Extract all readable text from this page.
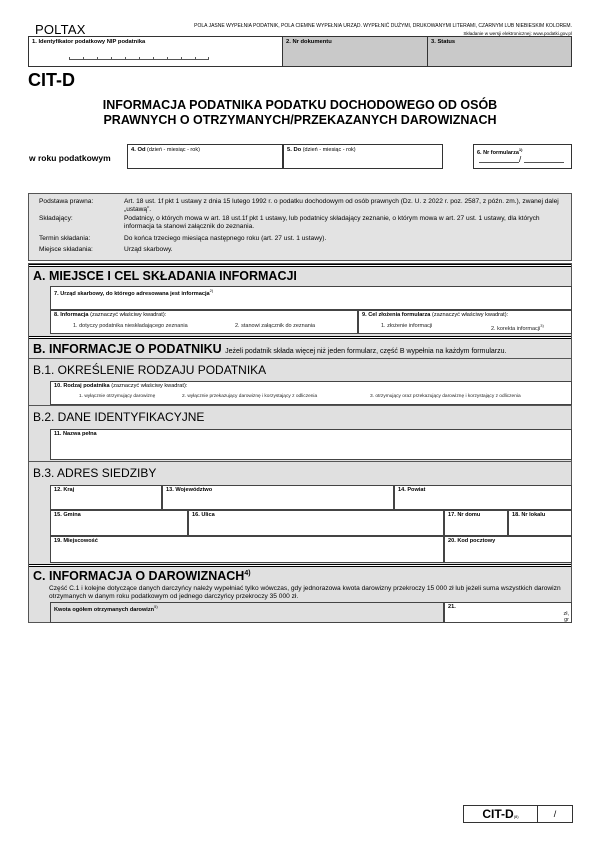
POLTAX	POLA JASNE WYPEŁNIA PODATNIK, POLA CIEMNE WYPEŁNIA URZĄD. WYPEŁNIĆ DUŻYMI, DRUKOWANYMI LITERAMI, CZARNYM LUB NIEBIESKIM KOLOREM.
Składanie w wersji elektronicznej: www.podatki.gov.pl
1. Identyfikator podatkowy NIP podatnika	2. Nr dokumentu	3. Status
CIT-D
INFORMACJA PODATNIKA PODATKU DOCHODOWEGO OD OSÓB
PRAWNYCH O OTRZYMANYCH/PRZEKAZANYCH DAROWIZNACH
w roku podatkowym
4. Od (dzień - miesiąc - rok)	5. Do (dzień - miesiąc - rok)	6. Nr formularza$^{1)}$
/
Podstawa prawna:	Art. 18 ust. 1f pkt 1 ustawy z dnia 15 lutego 1992 r. o podatku dochodowym od osób prawnych (Dz. U. z 2022 r. poz. 2587, z późn. zm.), zwanej dalej „ustawą”.
Składający:	Podatnicy, o których mowa w art. 18 ust.1f pkt 1 ustawy, lub podatnicy składający zeznanie, o którym mowa w art. 27 ust. 1 ustawy, dla których informacja ta stanowi załącznik do zeznania.
Termin składania:	Do końca trzeciego miesiąca następnego roku (art. 27 ust. 1 ustawy).
Miejsce składania:	Urząd skarbowy.
A. MIEJSCE I CEL SKŁADANIA INFORMACJI
7. Urząd skarbowy, do którego adresowana jest informacja$^{2)}$
8. Informacja (zaznaczyć właściwy kwadrat):
1. dotyczy podatnika nieskładającego zeznania	2. stanowi załącznik do zeznania
9. Cel złożenia formularza (zaznaczyć właściwy kwadrat):
1. złożenie informacji	2. korekta informacji$^{3)}$
B. INFORMACJE O PODATNIKU Jeżeli podatnik składa więcej niż jeden formularz, część B wypełnia na każdym formularzu.
B.1. OKREŚLENIE RODZAJU PODATNIKA
10. Rodzaj podatnika (zaznaczyć właściwy kwadrat):
1. wyłącznie otrzymujący darowiznę	2. wyłącznie przekazujący darowiznę i korzystający z odliczenia	3. otrzymujący oraz przekazujący darowiznę i korzystający z odliczenia
B.2. DANE IDENTYFIKACYJNE
11. Nazwa pełna
B.3. ADRES SIEDZIBY
12. Kraj	13. Województwo	14. Powiat
15. Gmina	16. Ulica	17. Nr domu	18. Nr lokalu
19. Miejscowość	20. Kod pocztowy
C. INFORMACJA O DAROWIZNACH$^{4)}$
Część C.1 i kolejne dotyczące danych darczyńcy należy wypełniać tylko wówczas, gdy jednorazowa kwota darowizny przekroczy 15 000 zł lub jeżeli suma wszystkich darowizn otrzymanych w danym roku podatkowym od jednego darczyńcy przekroczy 35 000 zł.
Kwota ogółem otrzymanych darowizn$^{5)}$	21.
zł,
gr
CIT-D(8)	/
